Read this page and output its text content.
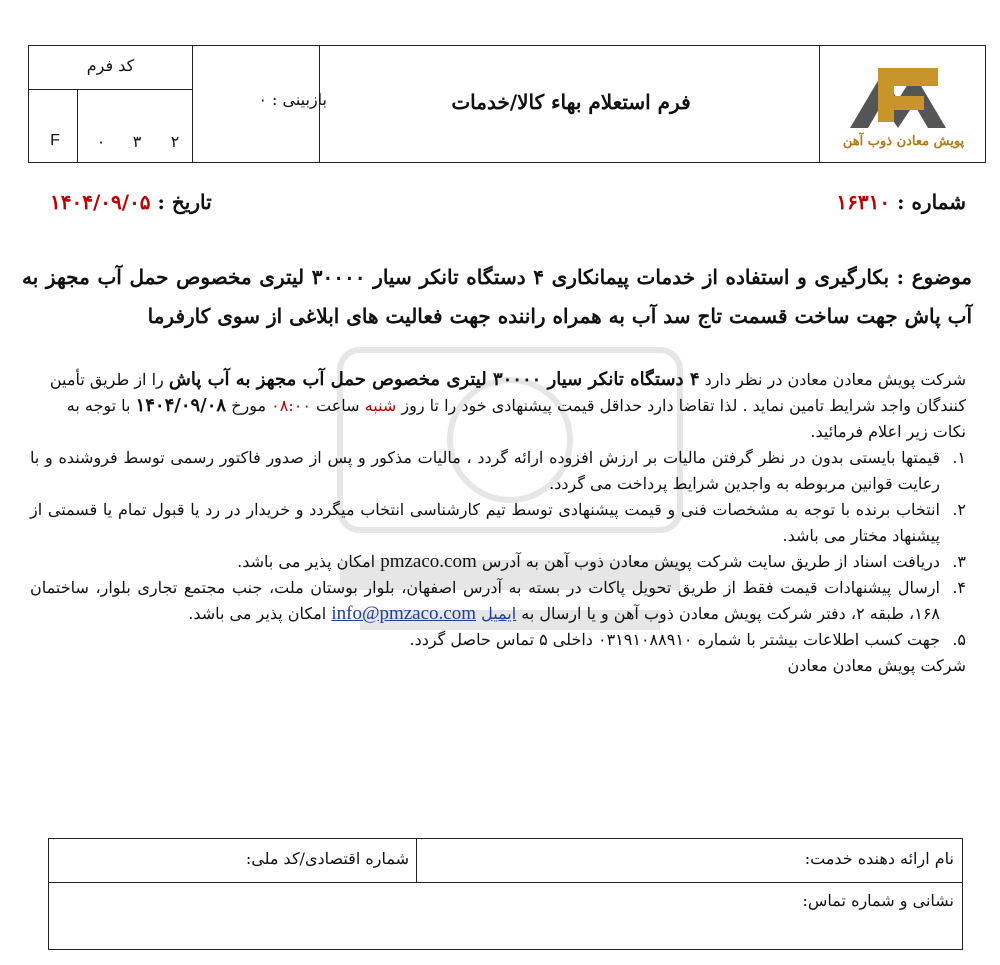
کد فرم
۲
۳
۰
F
بازبینی : ۰	فرم استعلام بهاء کالا/خدمات
پویش معادن ذوب آهن
شماره : ۱۶۳۱۰
تاریخ : ۱۴۰۴/۰۹/۰۵
موضوع : بکارگیری و استفاده از خدمات پیمانکاری ۴ دستگاه تانکر سیار ۳۰۰۰۰ لیتری مخصوص حمل آب مجهز به آب پاش جهت ساخت قسمت تاج سد آب به همراه راننده جهت فعالیت های ابلاغی از سوی کارفرما

شرکت پویش معادن معادن در نظر دارد ۴ دستگاه تانکر سیار ۳۰۰۰۰ لیتری مخصوص حمل آب مجهز به آب پاش را از طریق تأمین کنندگان واجد شرایط تامین نماید . لذا تقاضا دارد حداقل قیمت پیشنهادی خود را تا روز شنبه ساعت ۰۸:۰۰ مورخ ۱۴۰۴/۰۹/۰۸ با توجه به نکات زیر اعلام فرمائید.

۱.
قیمتها بایستی بدون در نظر گرفتن مالیات بر ارزش افزوده ارائه گردد ، مالیات مذکور و پس از صدور فاکتور رسمی توسط فروشنده و با رعایت قوانین مربوطه به واجدین شرایط پرداخت می گردد.
۲.
انتخاب برنده با توجه به مشخصات فنی و قیمت پیشنهادی توسط تیم کارشناسی انتخاب میگردد و خریدار در رد یا قبول تمام یا قسمتی از پیشنهاد مختار می باشد.
۳.
دریافت اسناد از طریق سایت شرکت پویش معادن ذوب آهن به آدرس pmzaco.com امکان پذیر می باشد.
۴.
ارسال پیشنهادات قیمت فقط از طریق تحویل پاکات در بسته به آدرس اصفهان، بلوار بوستان ملت، جنب مجتمع تجاری بلوار، ساختمان ۱۶۸، طبقه ۲، دفتر شرکت پویش معادن ذوب آهن و یا ارسال به ایمیل info@pmzaco.com امکان پذیر می باشد.
۵.
جهت کسب اطلاعات بیشتر با شماره ۰۳۱۹۱۰۸۸۹۱۰ داخلی ۵ تماس حاصل گردد.

شرکت پویش معادن معادن

نام ارائه دهنده خدمت:
شماره اقتصادی/کد ملی:
نشانی و شماره تماس:
